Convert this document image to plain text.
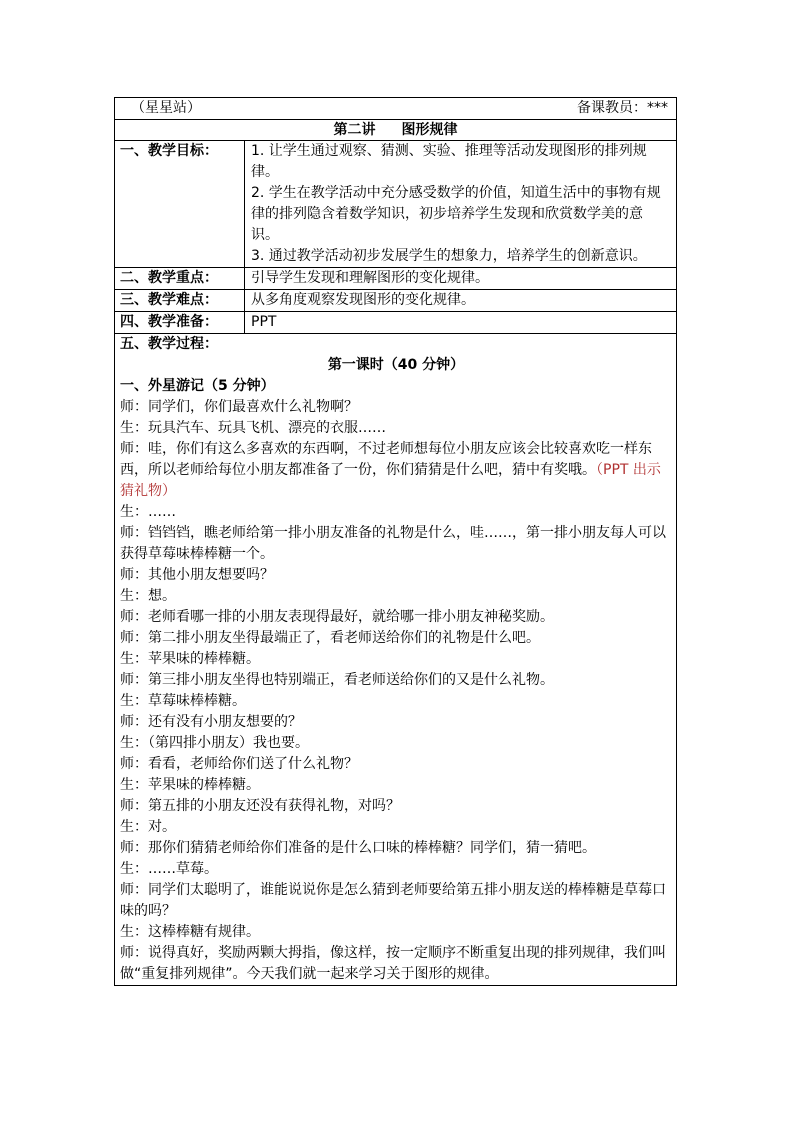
（星星站）	备课教员：***
第二讲 图形规律
一、教学目标：	1. 让学生通过观察、猜测、实验、推理等活动发现图形的排列规律。

2. 学生在教学活动中充分感受数学的价值，知道生活中的事物有规律的排列隐含着数学知识，初步培养学生发现和欣赏数学美的意识。

3. 通过教学活动初步发展学生的想象力，培养学生的创新意识。

二、教学重点：	引导学生发现和理解图形的变化规律。
三、教学难点：	从多角度观察发现图形的变化规律。
四、教学准备：	PPT
五、教学过程：
第一课时（40 分钟）
一、外星游记（5 分钟）

师：同学们，你们最喜欢什么礼物啊？

生：玩具汽车、玩具飞机、漂亮的衣服……

师：哇，你们有这么多喜欢的东西啊，不过老师想每位小朋友应该会比较喜欢吃一样东西，所以老师给每位小朋友都准备了一份，你们猜猜是什么吧，猜中有奖哦。（PPT 出示猜礼物）

生：……

师：铛铛铛，瞧老师给第一排小朋友准备的礼物是什么，哇……，第一排小朋友每人可以获得草莓味棒棒糖一个。

师：其他小朋友想要吗？

生：想。

师：老师看哪一排的小朋友表现得最好，就给哪一排小朋友神秘奖励。

师：第二排小朋友坐得最端正了，看老师送给你们的礼物是什么吧。

生：苹果味的棒棒糖。

师：第三排小朋友坐得也特别端正，看老师送给你们的又是什么礼物。

生：草莓味棒棒糖。

师：还有没有小朋友想要的？

生：（第四排小朋友）我也要。

师：看看，老师给你们送了什么礼物？

生：苹果味的棒棒糖。

师：第五排的小朋友还没有获得礼物，对吗？

生：对。

师：那你们猜猜老师给你们准备的是什么口味的棒棒糖？同学们，猜一猜吧。

生：……草莓。

师：同学们太聪明了，谁能说说你是怎么猜到老师要给第五排小朋友送的棒棒糖是草莓口味的吗？

生：这棒棒糖有规律。

师：说得真好，奖励两颗大拇指，像这样，按一定顺序不断重复出现的排列规律，我们叫做“重复排列规律”。今天我们就一起来学习关于图形的规律。
